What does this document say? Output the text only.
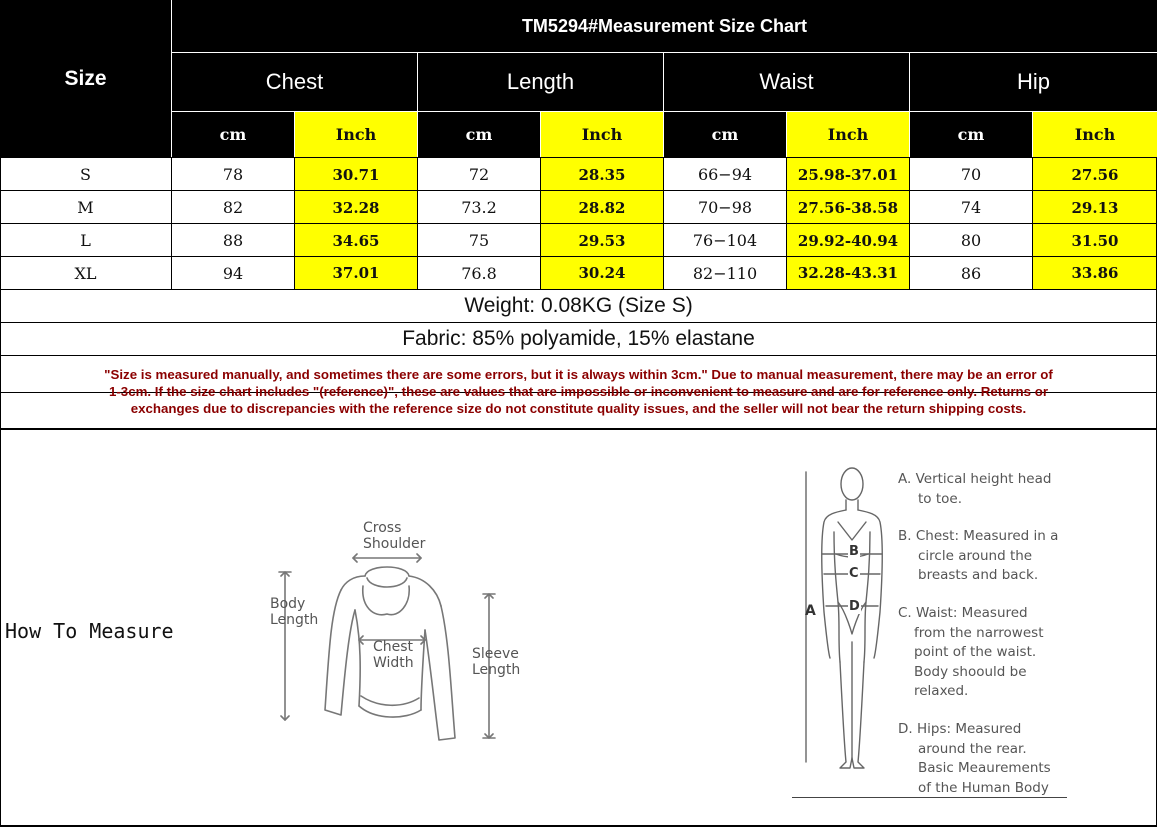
Size
TM5294#Measurement Size Chart
Chest	Length	Waist	Hip
cm	Inch	cm	Inch	cm	Inch	cm	Inch
S	78	30.71	72	28.35	66−94	25.98-37.01	70	27.56
M	82	32.28	73.2	28.82	70−98	27.56-38.58	74	29.13
L	88	34.65	75	29.53	76−104	29.92-40.94	80	31.50
XL	94	37.01	76.8	30.24	82−110	32.28-43.31	86	33.86
Weight: 0.08KG (Size S)
Fabric: 85% polyamide, 15% elastane
"Size is measured manually, and sometimes there are some errors, but it is always within 3cm." Due to manual measurement, there may be an error of
1-3cm. If the size chart includes "(reference)", these are values that are impossible or inconvenient to measure and are for reference only. Returns or
exchanges due to discrepancies with the reference size do not constitute quality issues, and the seller will not bear the return shipping costs.
How To Measure
Cross
Shoulder
Body
Length
Chest
Width
Sleeve
Length
A
B
C
D
A. Vertical height head
to toe.
B. Chest: Measured in a
circle around the
breasts and back.
C. Waist: Measured
from the narrowest
point of the waist.
Body shoould be
relaxed.
D. Hips: Measured
around the rear.
Basic Meaurements
of the Human Body
